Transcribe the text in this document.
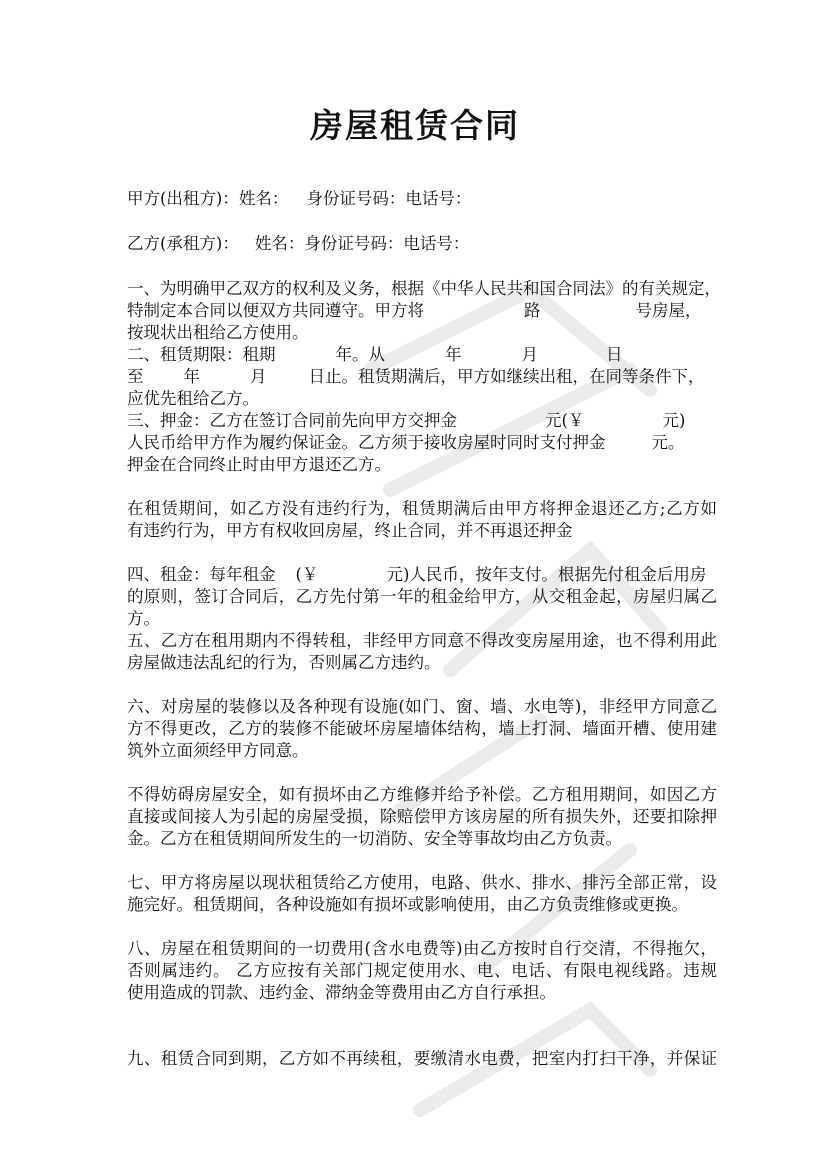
房屋租赁合同

甲方(出租方)：姓名： 身份证号码：电话号：

乙方(承租方)： 姓名：身份证号码：电话号：

一、为明确甲乙双方的权利及义务，根据《中华人民共和国合同法》的有关规定，

特制定本合同以便双方共同遵守。甲方将	路	号房屋，

按现状出租给乙方使用。

二、租赁期限：租期	年。从	年	月	日

至 年	月	日止。租赁期满后，甲方如继续出租，在同等条件下，

应优先租给乙方。

三、押金：乙方在签订合同前先向甲方交押金	元(￥	元)

人民币给甲方作为履约保证金。乙方须于接收房屋时同时支付押金	元。

押金在合同终止时由甲方退还乙方。

在租赁期间，如乙方没有违约行为，租赁期满后由甲方将押金退还乙方;乙方如

有违约行为，甲方有权收回房屋，终止合同，并不再退还押金

四、租金：每年租金 (￥	元)人民币，按年支付。根据先付租金后用房

的原则，签订合同后，乙方先付第一年的租金给甲方，从交租金起，房屋归属乙

方。

五、乙方在租用期内不得转租，非经甲方同意不得改变房屋用途，也不得利用此

房屋做违法乱纪的行为，否则属乙方违约。

六、对房屋的装修以及各种现有设施(如门、窗、墙、水电等)，非经甲方同意乙

方不得更改，乙方的装修不能破坏房屋墙体结构，墙上打洞、墙面开槽、使用建

筑外立面须经甲方同意。

不得妨碍房屋安全，如有损坏由乙方维修并给予补偿。乙方租用期间，如因乙方

直接或间接人为引起的房屋受损，除赔偿甲方该房屋的所有损失外，还要扣除押

金。乙方在租赁期间所发生的一切消防、安全等事故均由乙方负责。

七、甲方将房屋以现状租赁给乙方使用，电路、供水、排水、排污全部正常，设

施完好。租赁期间，各种设施如有损坏或影响使用，由乙方负责维修或更换。

八、房屋在租赁期间的一切费用(含水电费等)由乙方按时自行交清，不得拖欠，

否则属违约。 乙方应按有关部门规定使用水、电、电话、有限电视线路。违规

使用造成的罚款、违约金、滞纳金等费用由乙方自行承担。

九、租赁合同到期，乙方如不再续租，要缴清水电费，把室内打扫干净，并保证
